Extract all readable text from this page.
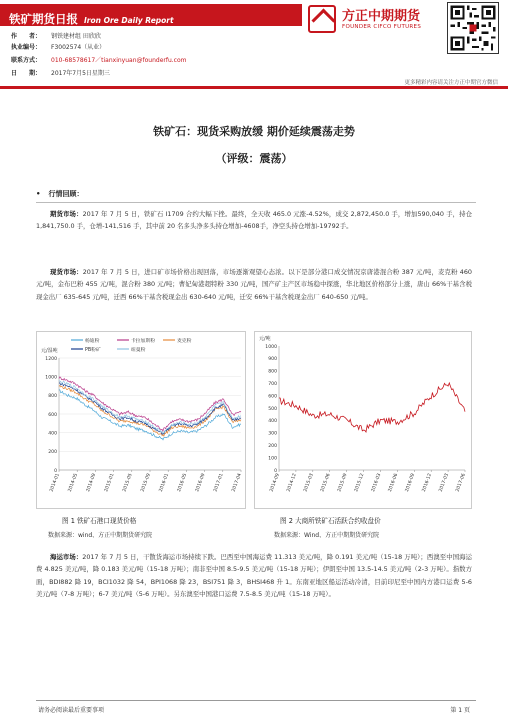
铁矿期货日报 Iron Ore Daily Report	方正中期期货
FOUNDER CIFCO FUTURES
作　　者： 钢铁建材组 田欣欣
执业编号： F3002574（从业）
联系方式： 010-68578617／tianxinyuan@founderfu.com
日　　期： 2017年7月5日星期三
更多精彩内容请关注方正中期官方微信
铁矿石：现货采购放缓 期价延续震荡走势
（评级：震荡）
• 行情回顾：
期货市场：2017 年 7 月 5 日，铁矿石 I1709 合约大幅下挫。最终，全天收 465.0 元涨-4.52%，成交 2,872,450.0 手，增加590,040 手，持仓 1,841,750.0 手，仓增-141,516 手，其中前 20 名多头净多头持仓增加-4608手，净空头持仓增加-19792手。
现货市场：2017 年 7 月 5 日，进口矿市场价格出现回落，市场逐渐观望心态浓。以下是部分港口成交情况京唐港混合粉 387 元/吨，麦克粉 460 元/吨，金布巴粉 455 元/吨，混合粉 380 元/吨；曹妃甸港超特粉 330 元/吨，国产矿主产区市场稳中探涨，华北地区价格部分上涨，唐山 66%干基含税现金出厂 635-645 元/吨，迁西 66%干基含税现金出 630-640 元/吨，迁安 66%干基含税现金出厂 640-650 元/吨。
元/湿吨
0
200
400
600
800
1000
1200
2014-01 2014-05 2014-09 2015-01 2015-05 2015-09 2016-01 2016-05 2016-09 2017-01 2017-04
杨迪粉	卡拉加斯粉	麦克粉
PB粉矿	纽曼粉
图 1 铁矿石港口现货价格
数据来源：wind、方正中期期货研究院
元/吨
0
100
200
300
400
500
600
700
800
900
1000
2014-09 2014-12 2015-03 2015-06 2015-09 2015-12 2016-03 2016-06 2016-09 2016-12 2017-03 2017-06
图 2 大商所铁矿石活跃合约收盘价
数据来源：Wind、方正中期期货研究院
海运市场：2017 年 7 月 5 日，干散货海运市场持续下跌。巴西至中国海运费 11.313 美元/吨，降 0.191 美元/吨（15-18 万吨）；西澳至中国海运费 4.825 美元/吨，降 0.183 美元/吨（15-18 万吨）；南非至中国 8.5-9.5 美元/吨（15-18 万吨）；伊朗至中国 13.5-14.5 美元/吨（2-3 万吨）。指数方面，BDI882 降 19，BCI1032 降 54，BPI1068 降 23，BSI751 降 3，BHSI468 升 1。东南亚地区船运活动冷清，目前印尼至中国内方港口运费 5-6 美元/吨（7-8 万吨）；6-7 美元/吨（5-6 万吨）。另东澳至中国港口运费 7.5-8.5 美元/吨（15-18 万吨）。
请务必阅读最后重要事项	第 1 页
